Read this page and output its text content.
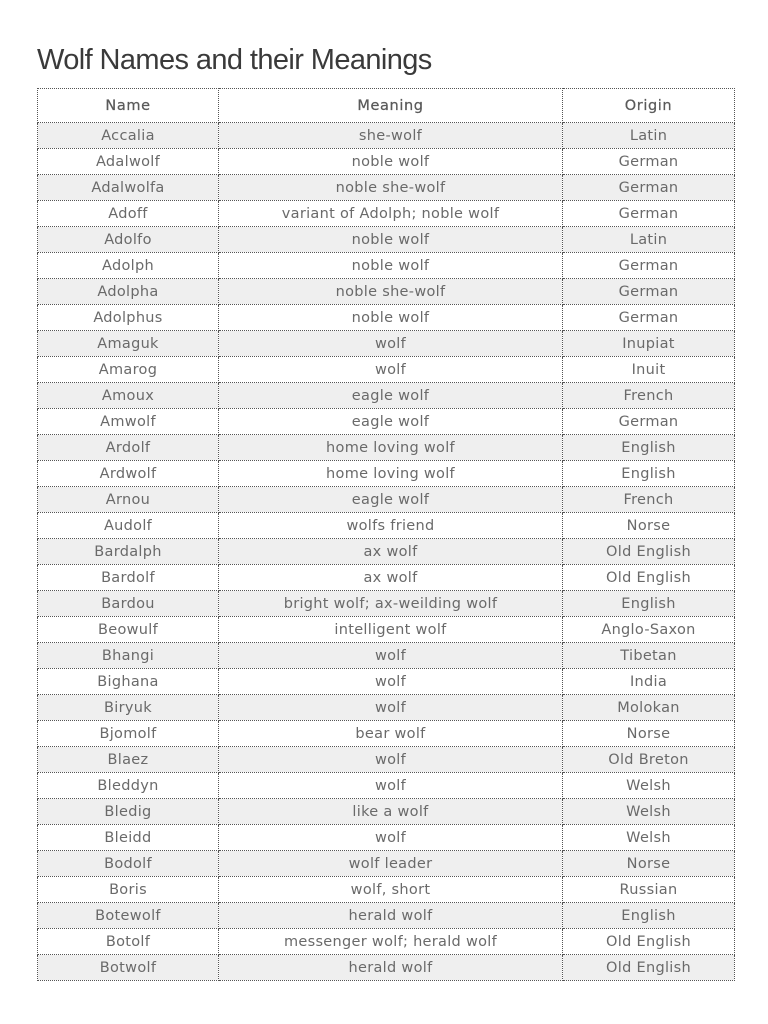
Wolf Names and their Meanings
Name	Meaning	Origin
Accalia	she-wolf	Latin
Adalwolf	noble wolf	German
Adalwolfa	noble she-wolf	German
Adoff	variant of Adolph; noble wolf	German
Adolfo	noble wolf	Latin
Adolph	noble wolf	German
Adolpha	noble she-wolf	German
Adolphus	noble wolf	German
Amaguk	wolf	Inupiat
Amarog	wolf	Inuit
Amoux	eagle wolf	French
Amwolf	eagle wolf	German
Ardolf	home loving wolf	English
Ardwolf	home loving wolf	English
Arnou	eagle wolf	French
Audolf	wolfs friend	Norse
Bardalph	ax wolf	Old English
Bardolf	ax wolf	Old English
Bardou	bright wolf; ax-weilding wolf	English
Beowulf	intelligent wolf	Anglo-Saxon
Bhangi	wolf	Tibetan
Bighana	wolf	India
Biryuk	wolf	Molokan
Bjomolf	bear wolf	Norse
Blaez	wolf	Old Breton
Bleddyn	wolf	Welsh
Bledig	like a wolf	Welsh
Bleidd	wolf	Welsh
Bodolf	wolf leader	Norse
Boris	wolf, short	Russian
Botewolf	herald wolf	English
Botolf	messenger wolf; herald wolf	Old English
Botwolf	herald wolf	Old English
